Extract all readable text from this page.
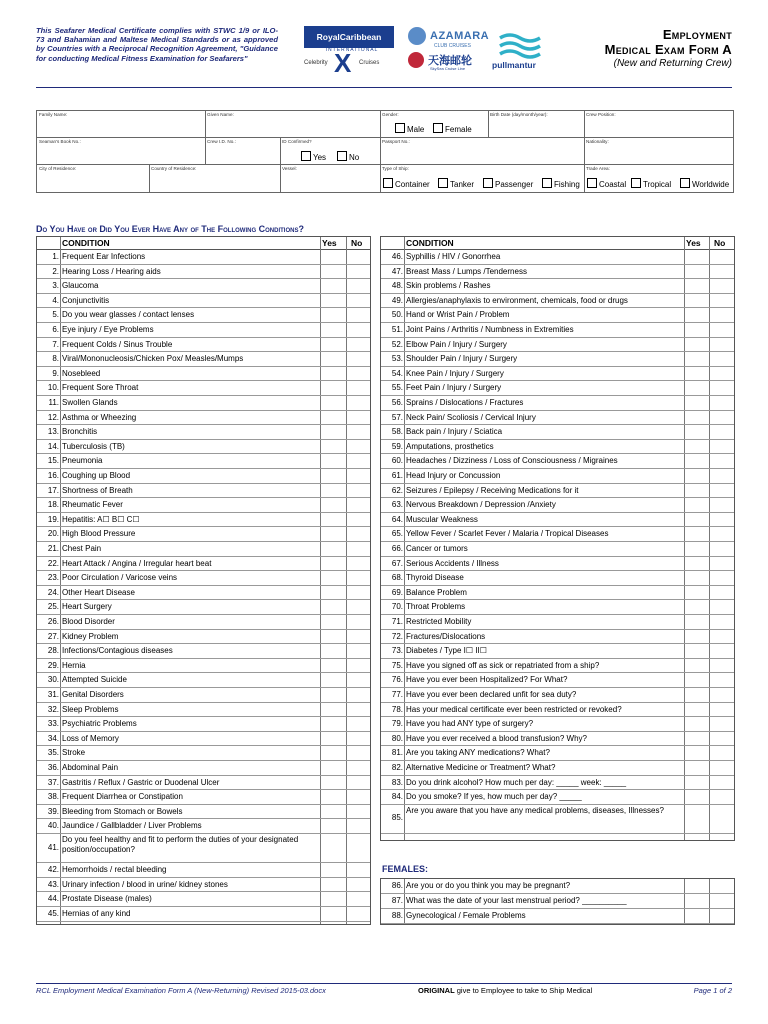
This Seafarer Medical Certificate complies with STWC 1/9 or ILO-73 and Bahamian and Maltese Medical Standards or as approved by Countries with a Reciprocal Recognition Agreement, "Guidance for conducting Medical Fitness Examination for Seafarers"
RoyalCaribbean
INTERNATIONAL
Celebrity X Cruises
AZAMARA
CLUB CRUISES
天海邮轮
SkySea Cruise Line	pullmantur
Employment
Medical Exam Form A
(New and Returning Crew)
Family Name:	Given Name:	Gender:
Male	Female
Birth Date (day/month/year):	Crew Position:
Seaman's Book No.:	Crew I.D. No.:	ID Confirmed?
Yes	No
Passport No.:	Nationality:
City of Residence:	Country of Residence:	Vessel:	Type of Ship:
Container	Tanker	Passenger	Fishing
Trade Area:
Coastal	Tropical	Worldwide
Do You Have or Did You Ever Have Any of The Following Conditions?
CONDITION	Yes No
1. Frequent Ear Infections
2. Hearing Loss / Hearing aids
3. Glaucoma
4. Conjunctivitis
5. Do you wear glasses / contact lenses
6. Eye injury / Eye Problems
7. Frequent Colds / Sinus Trouble
8. Viral/Mononucleosis/Chicken Pox/ Measles/Mumps
9. Nosebleed
10. Frequent Sore Throat
11. Swollen Glands
12. Asthma or Wheezing
13. Bronchitis
14. Tuberculosis (TB)
15. Pneumonia
16. Coughing up Blood
17. Shortness of Breath
18. Rheumatic Fever
19. Hepatitis: A☐ B☐ C☐
20. High Blood Pressure
21. Chest Pain
22. Heart Attack / Angina / Irregular heart beat
23. Poor Circulation / Varicose veins
24. Other Heart Disease
25. Heart Surgery
26. Blood Disorder
27. Kidney Problem
28. Infections/Contagious diseases
29. Hernia
30. Attempted Suicide
31. Genital Disorders
32. Sleep Problems
33. Psychiatric Problems
34. Loss of Memory
35. Stroke
36. Abdominal Pain
37. Gastritis / Reflux / Gastric or Duodenal Ulcer
38. Frequent Diarrhea or Constipation
39. Bleeding from Stomach or Bowels
40. Jaundice / Gallbladder / Liver Problems
41.
Do you feel healthy and fit to perform the duties of your designated position/occupation?
42. Hemorrhoids / rectal bleeding
43. Urinary infection / blood in urine/ kidney stones
44. Prostate Disease (males)
45. Hernias of any kind
CONDITION	Yes No
46. Syphillis / HIV / Gonorrhea
47. Breast Mass / Lumps /Tenderness
48. Skin problems / Rashes
49. Allergies/anaphylaxis to environment, chemicals, food or drugs
50. Hand or Wrist Pain / Problem
51. Joint Pains / Arthritis / Numbness in Extremities
52. Elbow Pain / Injury / Surgery
53. Shoulder Pain / Injury / Surgery
54. Knee Pain / Injury / Surgery
55. Feet Pain / Injury / Surgery
56. Sprains / Dislocations / Fractures
57. Neck Pain/ Scoliosis / Cervical Injury
58. Back pain / Injury / Sciatica
59. Amputations, prosthetics
60. Headaches / Dizziness / Loss of Consciousness / Migraines
61. Head Injury or Concussion
62. Seizures / Epilepsy / Receiving Medications for it
63. Nervous Breakdown / Depression /Anxiety
64. Muscular Weakness
65. Yellow Fever / Scarlet Fever / Malaria / Tropical Diseases
66. Cancer or tumors
67. Serious Accidents / Illness
68. Thyroid Disease
69. Balance Problem
70. Throat Problems
71. Restricted Mobility
72. Fractures/Dislocations
73. Diabetes / Type I☐ II☐
75. Have you signed off as sick or repatriated from a ship?
76. Have you ever been Hospitalized? For What?
77. Have you ever been declared unfit for sea duty?
78. Has your medical certificate ever been restricted or revoked?
79. Have you had ANY type of surgery?
80. Have you ever received a blood transfusion? Why?
81. Are you taking ANY medications? What?
82. Alternative Medicine or Treatment? What?
83. Do you drink alcohol? How much per day: _____ week: _____
84. Do you smoke? If yes, how much per day? _____
85.
Are you aware that you have any medical problems, diseases, Illnesses?
FEMALES:
86. Are you or do you think you may be pregnant?
87. What was the date of your last menstrual period? __________
88. Gynecological / Female Problems
RCL Employment Medical Examination Form A (New-Returning) Revised 2015-03.docx	ORIGINAL give to Employee to take to Ship Medical	Page 1 of 2
